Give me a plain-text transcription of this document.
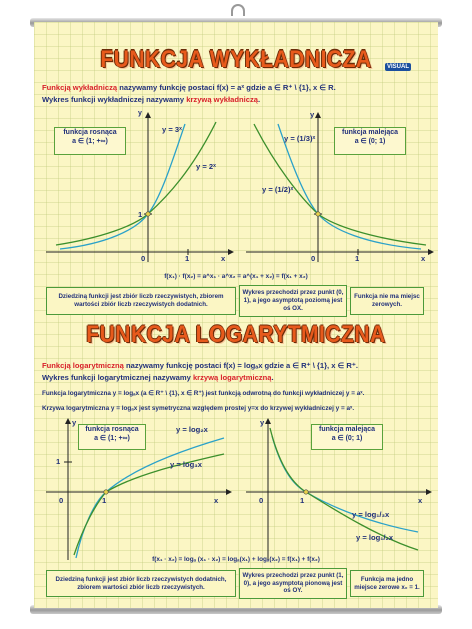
FUNKCJA WYKŁADNICZA	VISUAL
Funkcją wykładniczą nazywamy funkcję postaci f(x) = aˣ gdzie a ∈ R⁺ \ {1}, x ∈ R.
Wykres funkcji wykładniczej nazywamy krzywą wykładniczą.
y
x
0	1
1
y = 3ˣ
y = 2ˣ
funkcja rosnąca
a ∈ (1; +∞)
y
x
0	1
y = (1/3)ˣ
y = (1/2)ˣ
funkcja malejąca
a ∈ (0; 1)
f(x₁) · f(x₂) = a^x₁ · a^x₂ = a^(x₁ + x₂) = f(x₁ + x₂)
Dziedziną funkcji jest zbiór liczb rzeczywistych, zbiorem wartości zbiór liczb rzeczywistych dodatnich.
Wykres przechodzi przez punkt (0, 1), a jego asymptotą poziomą jest oś OX.
Funkcja nie ma miejsc zerowych.
FUNKCJA LOGARYTMICZNA
Funkcją logarytmiczną nazywamy funkcję postaci f(x) = logₐx gdzie a ∈ R⁺ \ {1}, x ∈ R⁺.
Wykres funkcji logarytmicznej nazywamy krzywą logarytmiczną.
Funkcja logarytmiczna y = logₐx (a ∈ R⁺ \ {1}, x ∈ R⁺) jest funkcją odwrotną do funkcji wykładniczej y = aˣ.
Krzywa logarytmiczna y = logₐx jest symetryczna względem prostej y=x do krzywej wykładniczej y = aˣ.
y
x
0	1
1
y = log₂x
y = log₃x
funkcja rosnąca
a ∈ (1; +∞)
y
x
0	1
y = log₁/₃x
y = log₁/₂x
funkcja malejąca
a ∈ (0; 1)
f(x₁ · x₂) = logₐ (x₁ · x₂) = logₐ(x₁) + logₐ(x₂) = f(x₁) + f(x₂)
Dziedziną funkcji jest zbiór liczb rzeczywistych dodatnich, zbiorem wartości zbiór liczb rzeczywistych.
Wykres przechodzi przez punkt (1, 0), a jego asymptotą pionową jest oś OY.
Funkcja ma jedno miejsce zerowe x₀ = 1.
